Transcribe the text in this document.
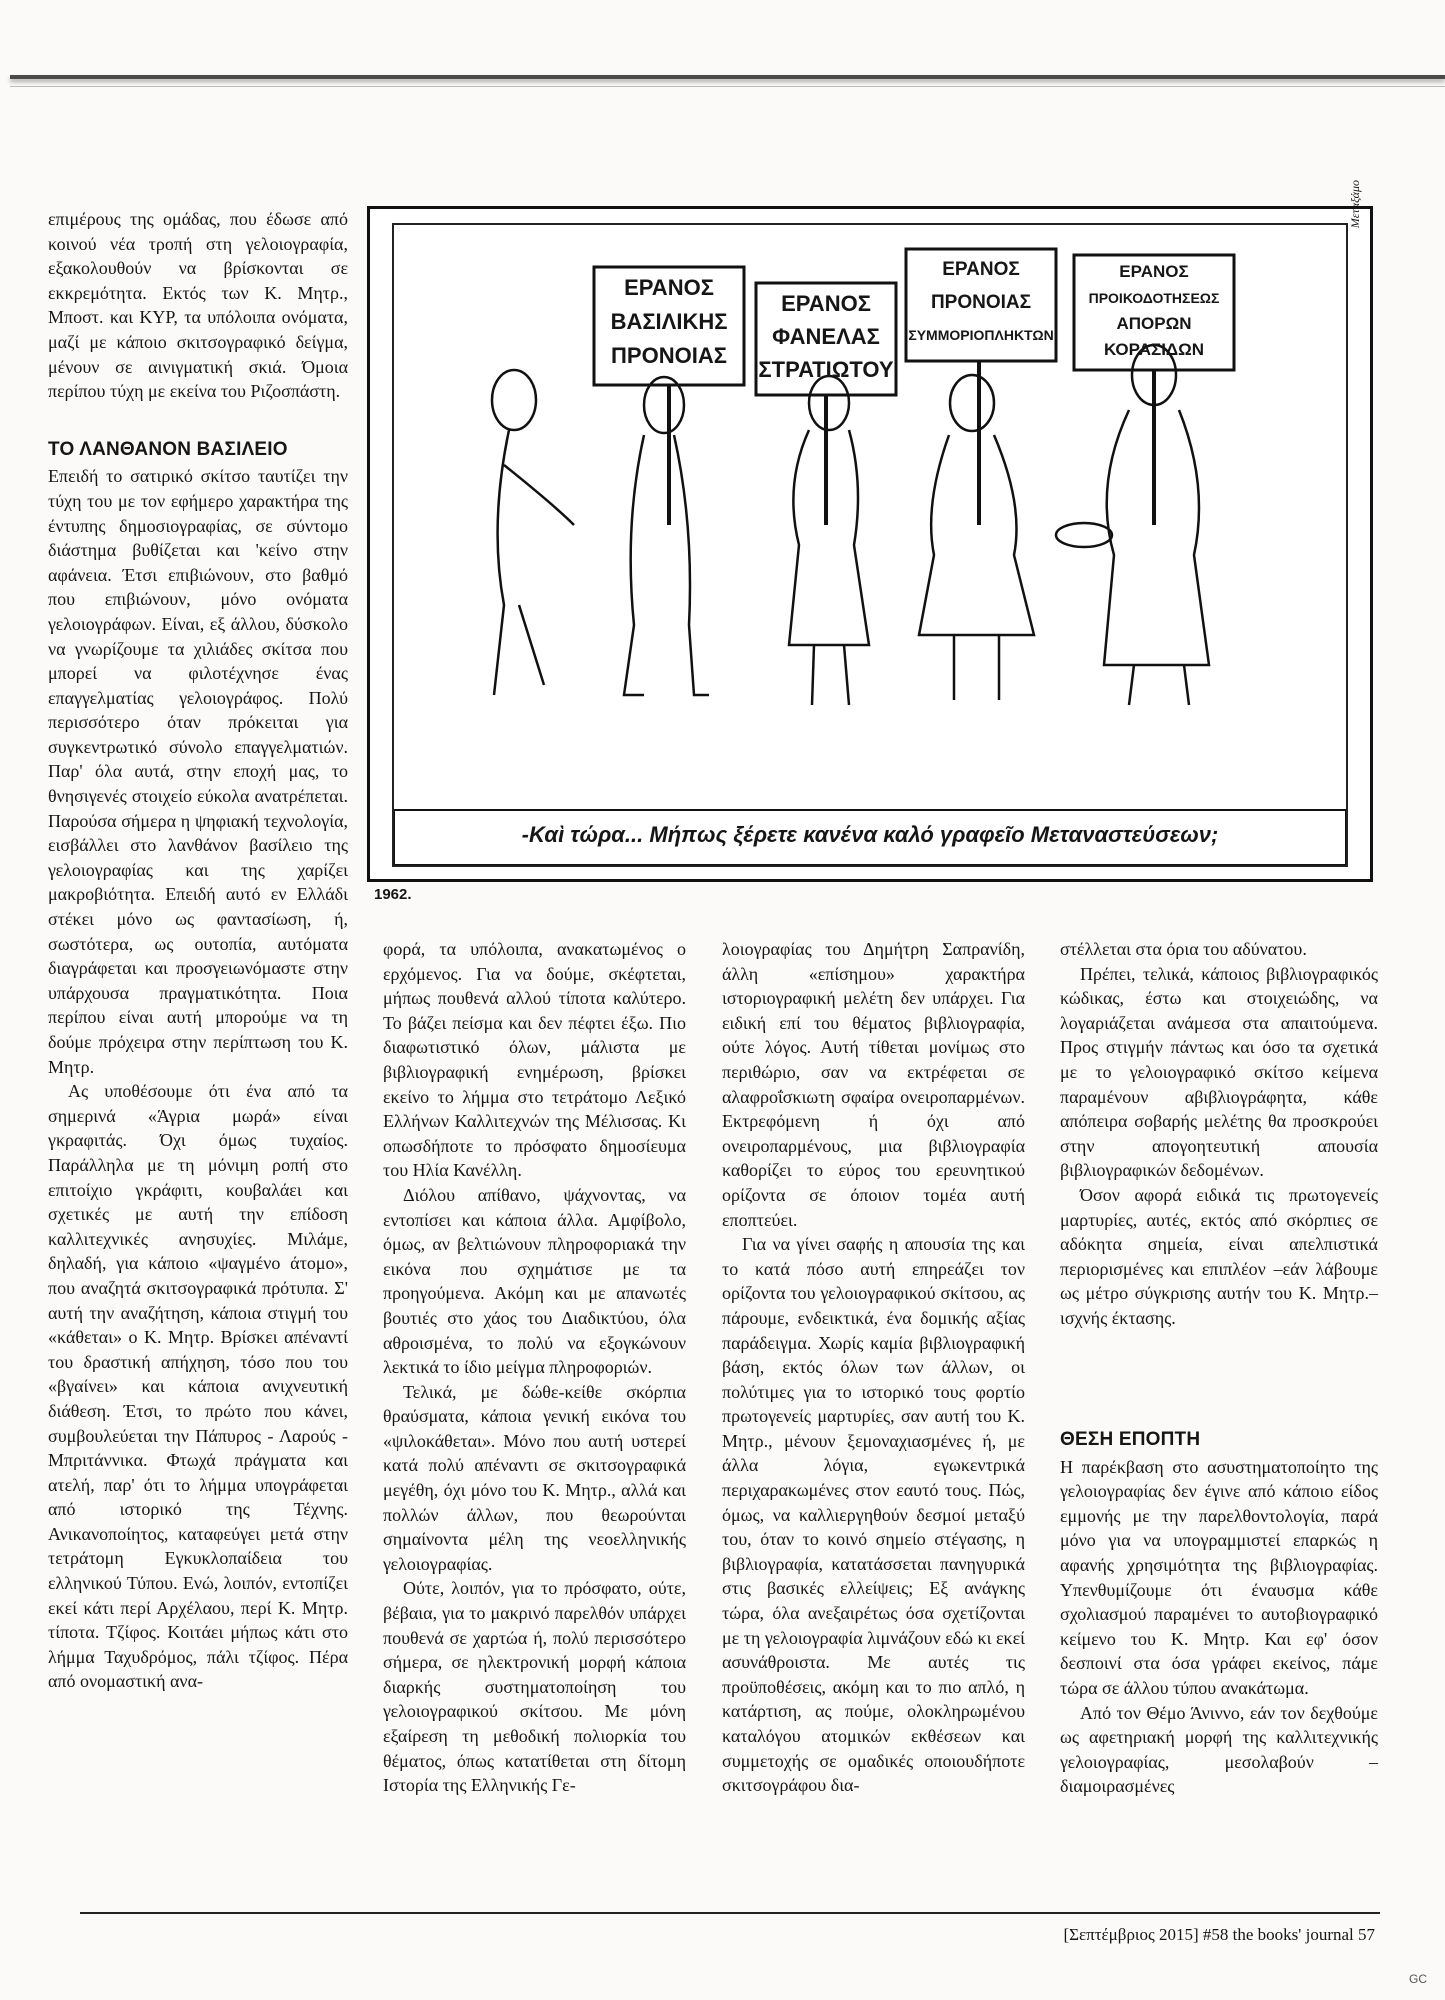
επιμέρους της ομάδας, που έδωσε από κοινού νέα τροπή στη γελοιογραφία, εξακολουθούν να βρίσκονται σε εκκρεμότητα. Εκτός των Κ. Μητρ., Μποστ. και ΚΥΡ, τα υπόλοιπα ονόματα, μαζί με κάποιο σκιτσογραφικό δείγμα, μένουν σε αινιγματική σκιά. Όμοια περίπου τύχη με εκείνα του Ριζοσπάστη.

ΤΟ ΛΑΝΘΑΝΟΝ ΒΑΣΙΛΕΙΟ

Επειδή το σατιρικό σκίτσο ταυτίζει την τύχη του με τον εφήμερο χαρακτήρα της έντυπης δημοσιογραφίας, σε σύντομο διάστημα βυθίζεται και 'κείνο στην αφάνεια. Έτσι επιβιώνουν, στο βαθμό που επιβιώνουν, μόνο ονόματα γελοιογράφων. Είναι, εξ άλλου, δύσκολο να γνωρίζουμε τα χιλιάδες σκίτσα που μπορεί να φιλοτέχνησε ένας επαγγελματίας γελοιογράφος. Πολύ περισσότερο όταν πρόκειται για συγκεντρωτικό σύνολο επαγγελματιών. Παρ' όλα αυτά, στην εποχή μας, το θνησιγενές στοιχείο εύκολα ανατρέπεται. Παρούσα σήμερα η ψηφιακή τεχνολογία, εισβάλλει στο λανθάνον βασίλειο της γελοιογραφίας και της χαρίζει μακροβιότητα. Επειδή αυτό εν Ελλάδι στέκει μόνο ως φαντασίωση, ή, σωστότερα, ως ουτοπία, αυτόματα διαγράφεται και προσγειωνόμαστε στην υπάρχουσα πραγματικότητα. Ποια περίπου είναι αυτή μπορούμε να τη δούμε πρόχειρα στην περίπτωση του Κ. Μητρ.

Ας υποθέσουμε ότι ένα από τα σημερινά «Άγρια μωρά» είναι γκραφιτάς. Όχι όμως τυχαίος. Παράλληλα με τη μόνιμη ροπή στο επιτοίχιο γκράφιτι, κουβαλάει και σχετικές με αυτή την επίδοση καλλιτεχνικές ανησυχίες. Μιλάμε, δηλαδή, για κάποιο «ψαγμένο άτομο», που αναζητά σκιτσογραφικά πρότυπα. Σ' αυτή την αναζήτηση, κάποια στιγμή του «κάθεται» ο Κ. Μητρ. Βρίσκει απέναντί του δραστική απήχηση, τόσο που του «βγαίνει» και κάποια ανιχνευτική διάθεση. Έτσι, το πρώτο που κάνει, συμβουλεύεται την Πάπυρος - Λαρούς - Μπριτάννικα. Φτωχά πράγματα και ατελή, παρ' ότι το λήμμα υπογράφεται από ιστορικό της Τέχνης. Ανικανοποίητος, καταφεύγει μετά στην τετράτομη Εγκυκλοπαίδεια του ελληνικού Τύπου. Ενώ, λοιπόν, εντοπίζει εκεί κάτι περί Αρχέλαου, περί Κ. Μητρ. τίποτα. Τζίφος. Κοιτάει μήπως κάτι στο λήμμα Ταχυδρόμος, πάλι τζίφος. Πέρα από ονομαστική ανα-

ΕΡΑΝΟΣ
ΒΑΣΙΛΙΚΗΣ
ΠΡΟΝΟΙΑΣ
ΕΡΑΝΟΣ
ΦΑΝΕΛΑΣ
ΣΤΡΑΤΙΩΤΟΥ
ΕΡΑΝΟΣ
ΠΡΟΝΟΙΑΣ
ΣΥΜΜΟΡΙΟΠΛΗΚΤΩΝ
ΕΡΑΝΟΣ
ΠΡΟΙΚΟΔΟΤΗΣΕΩΣ
ΑΠΟΡΩΝ
ΚΟΡΑΣΙΔΩΝ
-Καὶ τώρα... Μήπως ξέρετε κανένα καλό γραφεῖο Μεταναστεύσεων;
Μεταξάμο
1962.

φορά, τα υπόλοιπα, ανακατωμένος ο ερχόμενος. Για να δούμε, σκέφτεται, μήπως πουθενά αλλού τίποτα καλύτερο. Το βάζει πείσμα και δεν πέφτει έξω. Πιο διαφωτιστικό όλων, μάλιστα με βιβλιογραφική ενημέρωση, βρίσκει εκείνο το λήμμα στο τετράτομο Λεξικό Ελλήνων Καλλιτεχνών της Μέλισσας. Κι οπωσδήποτε το πρόσφατο δημοσίευμα του Ηλία Κανέλλη.

Διόλου απίθανο, ψάχνοντας, να εντοπίσει και κάποια άλλα. Αμφίβολο, όμως, αν βελτιώνουν πληροφοριακά την εικόνα που σχημάτισε με τα προηγούμενα. Ακόμη και με απανωτές βουτιές στο χάος του Διαδικτύου, όλα αθροισμένα, το πολύ να εξογκώνουν λεκτικά το ίδιο μείγμα πληροφοριών.

Τελικά, με δώθε-κείθε σκόρπια θραύσματα, κάποια γενική εικόνα του «ψιλοκάθεται». Μόνο που αυτή υστερεί κατά πολύ απέναντι σε σκιτσογραφικά μεγέθη, όχι μόνο του Κ. Μητρ., αλλά και πολλών άλλων, που θεωρούνται σημαίνοντα μέλη της νεοελληνικής γελοιογραφίας.

Ούτε, λοιπόν, για το πρόσφατο, ούτε, βέβαια, για το μακρινό παρελθόν υπάρχει πουθενά σε χαρτώα ή, πολύ περισσότερο σήμερα, σε ηλεκτρονική μορφή κάποια διαρκής συστηματοποίηση του γελοιογραφικού σκίτσου. Με μόνη εξαίρεση τη μεθοδική πολιορκία του θέματος, όπως κατατίθεται στη δίτομη Ιστορία της Ελληνικής Γε-

λοιογραφίας του Δημήτρη Σαπρανίδη, άλλη «επίσημου» χαρακτήρα ιστοριογραφική μελέτη δεν υπάρχει. Για ειδική επί του θέματος βιβλιογραφία, ούτε λόγος. Αυτή τίθεται μονίμως στο περιθώριο, σαν να εκτρέφεται σε αλαφροΐσκιωτη σφαίρα ονειροπαρμένων. Εκτρεφόμενη ή όχι από ονειροπαρμένους, μια βιβλιογραφία καθορίζει το εύρος του ερευνητικού ορίζοντα σε όποιον τομέα αυτή εποπτεύει.

Για να γίνει σαφής η απουσία της και το κατά πόσο αυτή επηρεάζει τον ορίζοντα του γελοιογραφικού σκίτσου, ας πάρουμε, ενδεικτικά, ένα δομικής αξίας παράδειγμα. Χωρίς καμία βιβλιογραφική βάση, εκτός όλων των άλλων, οι πολύτιμες για το ιστορικό τους φορτίο πρωτογενείς μαρτυρίες, σαν αυτή του Κ. Μητρ., μένουν ξεμοναχιασμένες ή, με άλλα λόγια, εγωκεντρικά περιχαρακωμένες στον εαυτό τους. Πώς, όμως, να καλλιεργηθούν δεσμοί μεταξύ του, όταν το κοινό σημείο στέγασης, η βιβλιογραφία, κατατάσσεται πανηγυρικά στις βασικές ελλείψεις; Εξ ανάγκης τώρα, όλα ανεξαιρέτως όσα σχετίζονται με τη γελοιογραφία λιμνάζουν εδώ κι εκεί ασυνάθροιστα. Με αυτές τις προϋποθέσεις, ακόμη και το πιο απλό, η κατάρτιση, ας πούμε, ολοκληρωμένου καταλόγου ατομικών εκθέσεων και συμμετοχής σε ομαδικές οποιουδήποτε σκιτσογράφου δια-

στέλλεται στα όρια του αδύνατου.

Πρέπει, τελικά, κάποιος βιβλιογραφικός κώδικας, έστω και στοιχειώδης, να λογαριάζεται ανάμεσα στα απαιτούμενα. Προς στιγμήν πάντως και όσο τα σχετικά με το γελοιογραφικό σκίτσο κείμενα παραμένουν αβιβλιογράφητα, κάθε απόπειρα σοβαρής μελέτης θα προσκρούει στην απογοητευτική απουσία βιβλιογραφικών δεδομένων.

Όσον αφορά ειδικά τις πρωτογενείς μαρτυρίες, αυτές, εκτός από σκόρπιες σε αδόκητα σημεία, είναι απελπιστικά περιορισμένες και επιπλέον –εάν λάβουμε ως μέτρο σύγκρισης αυτήν του Κ. Μητρ.– ισχνής έκτασης.

ΘΕΣΗ ΕΠΟΠΤΗ

Η παρέκβαση στο ασυστηματοποίητο της γελοιογραφίας δεν έγινε από κάποιο είδος εμμονής με την παρελθοντολογία, παρά μόνο για να υπογραμμιστεί επαρκώς η αφανής χρησιμότητα της βιβλιογραφίας. Υπενθυμίζουμε ότι έναυσμα κάθε σχολιασμού παραμένει το αυτοβιογραφικό κείμενο του Κ. Μητρ. Και εφ' όσον δεσποινί στα όσα γράφει εκείνος, πάμε τώρα σε άλλου τύπου ανακάτωμα.

Από τον Θέμο Άνιννο, εάν τον δεχθούμε ως αφετηριακή μορφή της καλλιτεχνικής γελοιογραφίας, μεσολαβούν –διαμοιρασμένες

[Σεπτέμβριος 2015] #58 the books' journal 57
GC
